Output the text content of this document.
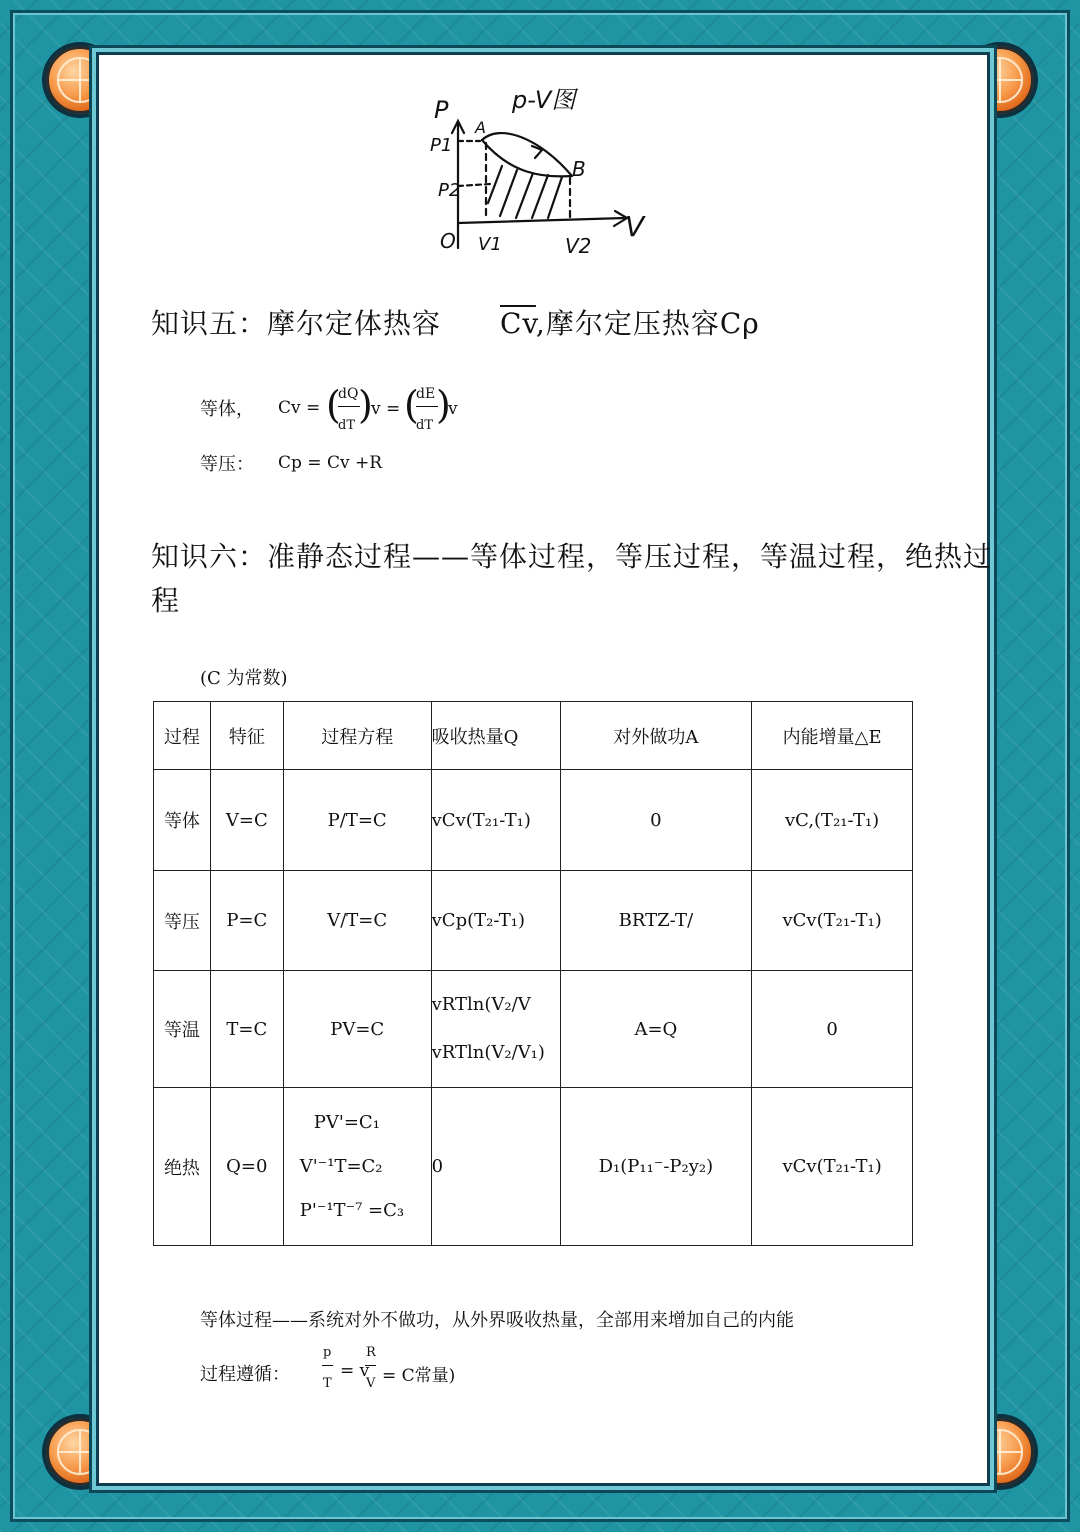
p-V图
P
P1
P2
A
B
O V1	V2
V
知识五：摩尔定体热容 $\overline{Cv}$,摩尔定压热容Cρ
等体， Cv = (
dQ
dT )
v = (
dE
dT )
v
等压： Cp = Cv +R
知识六：准静态过程——等体过程，等压过程，等温过程，绝热过
程
(C 为常数)
过程	特征	过程方程	吸收热量Q	对外做功A	内能增量△E
等体	V=C	P/T=C	vCv(T₂₁-T₁)	0	vC,(T₂₁-T₁)
等压	P=C	V/T=C	vCp(T₂-T₁)	BRTZ-T/	vCv(T₂₁-T₁)
等温	T=C	PV=C	vRTln(V₂/V
vRTln(V₂/V₁)	A=Q	0
绝热	Q=0	PV'=C₁
V'⁻¹T=C₂
P'⁻¹T⁻⁷ =C₃	0	D₁(P₁₁⁻-P₂y₂)	vCv(T₂₁-T₁)
等体过程——系统对外不做功，从外界吸收热量，全部用来增加自己的内能
过程遵循：
p
T
= v
R
V = C常量)
